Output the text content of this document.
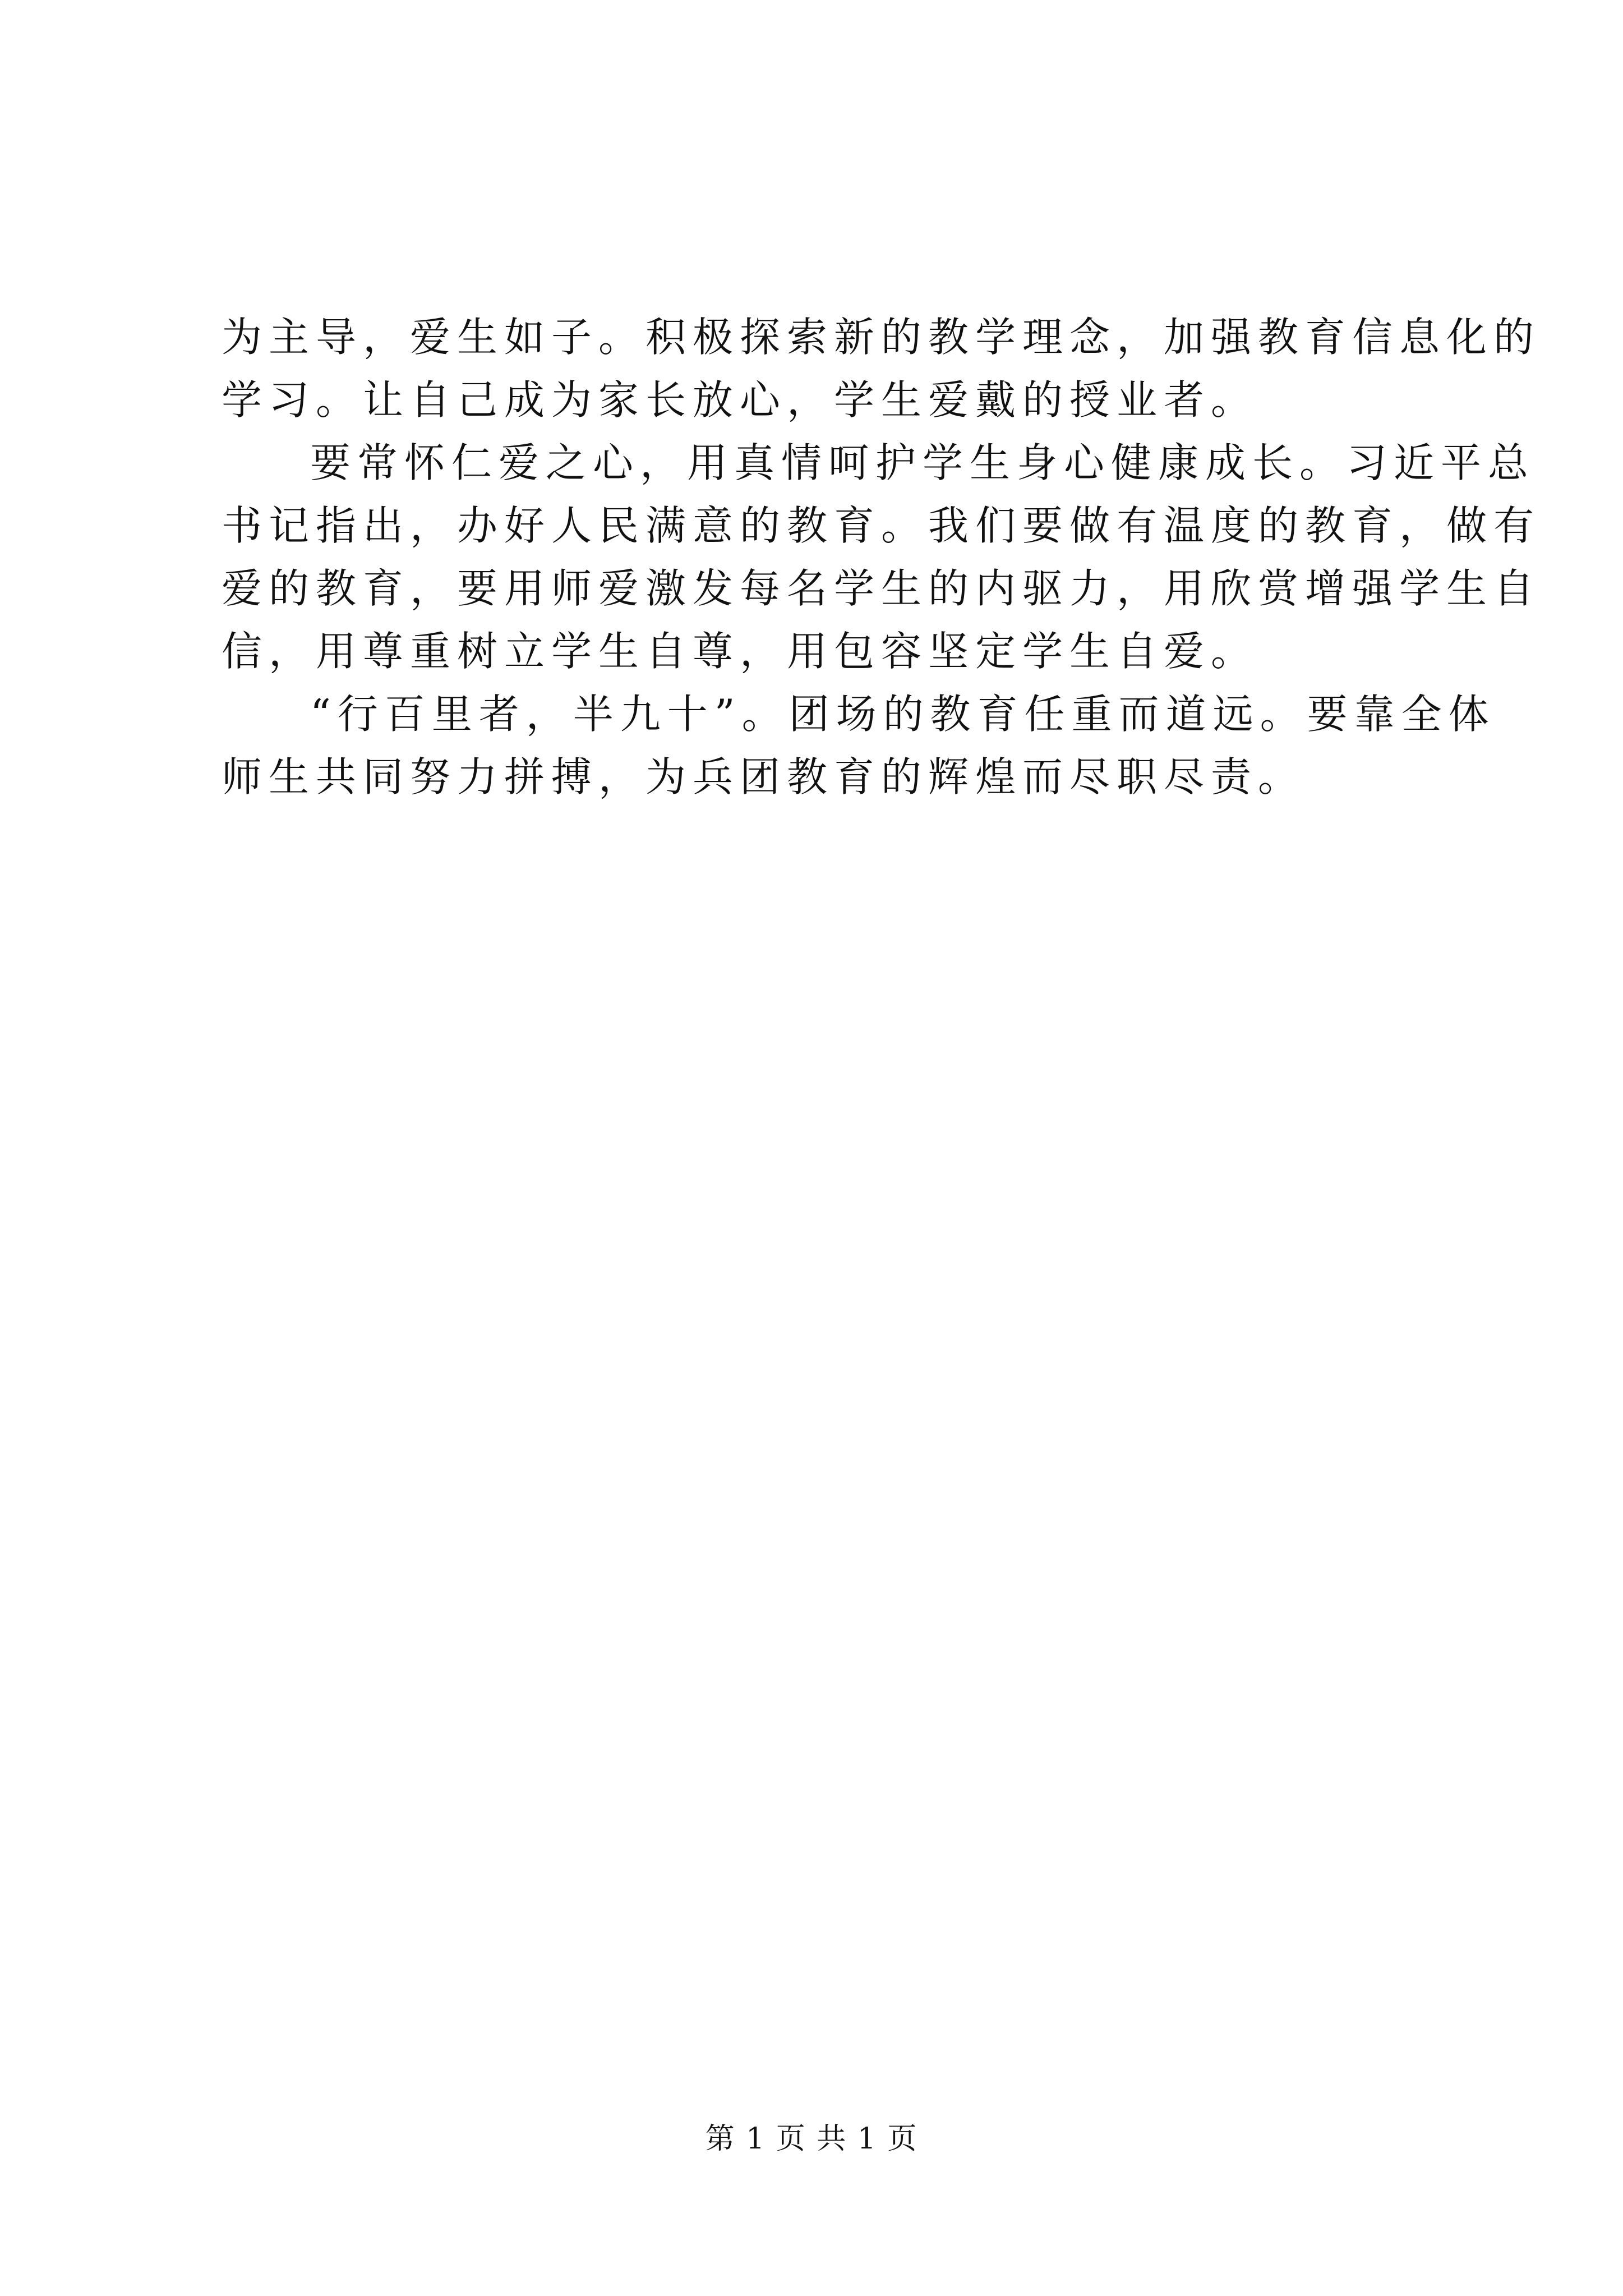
为主导，爱生如子。积极探索新的教学理念，加强教育信息化的

学习。让自己成为家长放心，学生爱戴的授业者。

要常怀仁爱之心，用真情呵护学生身心健康成长。习近平总

书记指出，办好人民满意的教育。我们要做有温度的教育，做有

爱的教育，要用师爱激发每名学生的内驱力，用欣赏增强学生自

信，用尊重树立学生自尊，用包容坚定学生自爱。

“行百里者，半九十”。团场的教育任重而道远。要靠全体

师生共同努力拼搏，为兵团教育的辉煌而尽职尽责。

第 1 页 共 1 页
